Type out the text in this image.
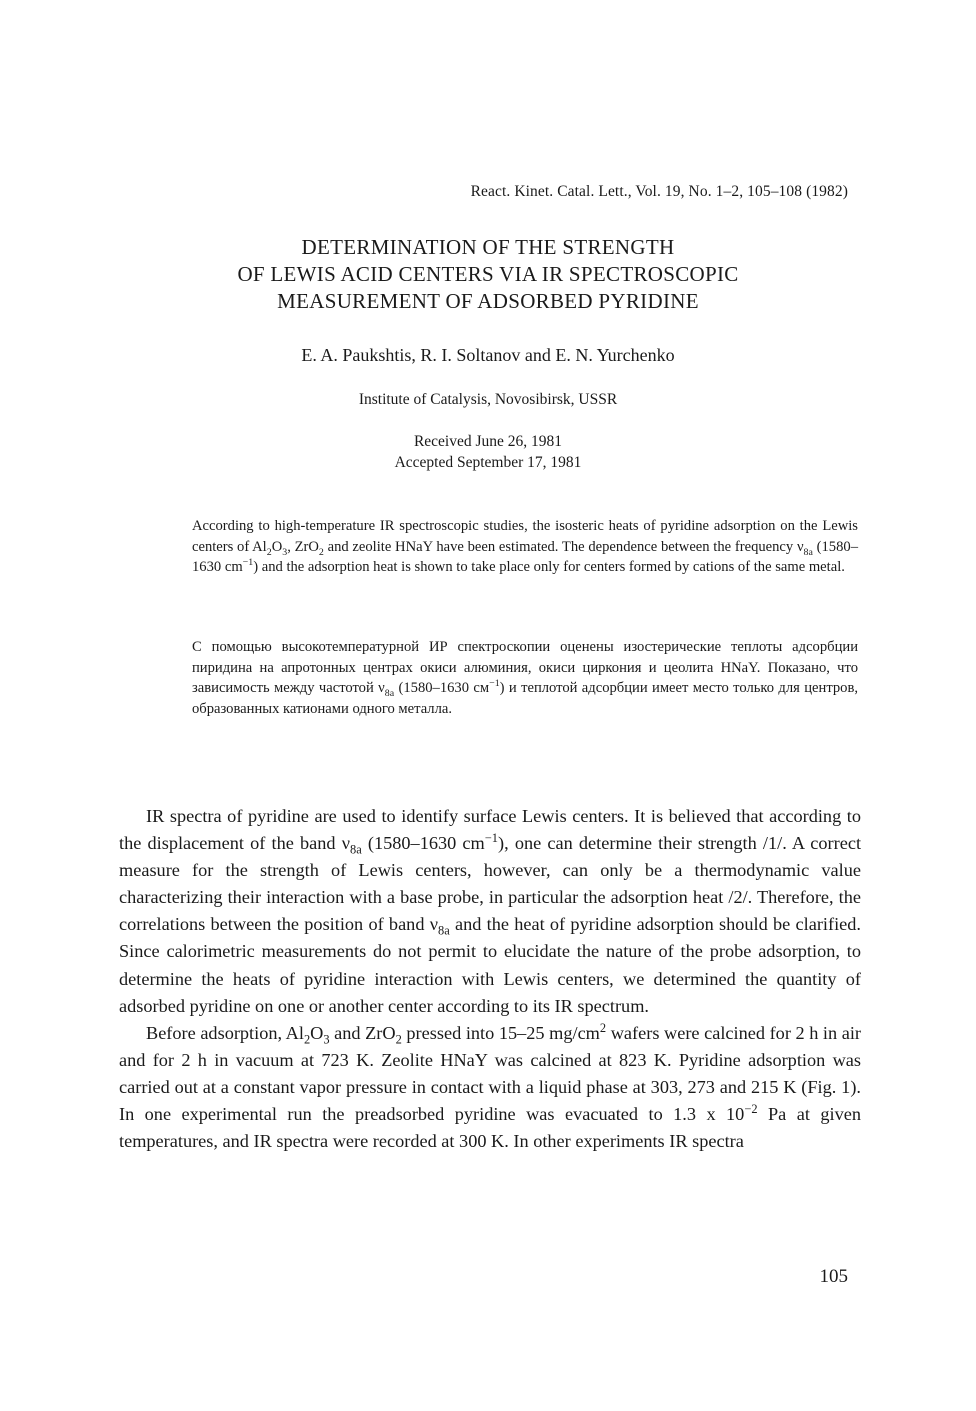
React. Kinet. Catal. Lett., Vol. 19, No. 1–2, 105–108 (1982)
DETERMINATION OF THE STRENGTH
OF LEWIS ACID CENTERS VIA IR SPECTROSCOPIC
MEASUREMENT OF ADSORBED PYRIDINE
E. A. Paukshtis, R. I. Soltanov and E. N. Yurchenko
Institute of Catalysis, Novosibirsk, USSR
Received June 26, 1981
Accepted September 17, 1981
According to high-temperature IR spectroscopic studies, the isosteric heats of pyridine adsorption on the Lewis centers of $Al_2O_3$, ZrO$_2$ and zeolite HNaY have been estimated. The dependence between the frequency $\nu_{8a}$ (1580–1630 $cm^{-1}$) and the adsorption heat is shown to take place only for centers formed by cations of the same metal.
С помощью высокотемпературной ИР спектроскопии оценены изостерические теплоты адсорбции пиридина на апротонных центрах окиси алюминия, окиси циркония и цеолита HNaY. Показано, что зависимость между частотой $\nu_{8a}$ (1580–1630 $см^{-1}$) и теплотой адсорбции имеет место только для центров, образованных катионами одного металла.

IR spectra of pyridine are used to identify surface Lewis centers. It is believed that according to the displacement of the band $\nu_{8a}$ (1580–1630 $cm^{-1}$), one can determine their strength /1/. A correct measure for the strength of Lewis centers, however, can only be a thermodynamic value characterizing their interaction with a base probe, in particular the adsorption heat /2/. Therefore, the correlations between the position of band $\nu_{8a}$ and the heat of pyridine adsorption should be clarified. Since calorimetric measurements do not permit to elucidate the nature of the probe adsorption, to determine the heats of pyridine interaction with Lewis centers, we determined the quantity of adsorbed pyridine on one or another center according to its IR spectrum.

Before adsorption, $Al_2O_3$ and ZrO$_2$ pressed into 15–25 $mg/cm^2$ wafers were calcined for 2 h in air and for 2 h in vacuum at 723 K. Zeolite HNaY was calcined at 823 K. Pyridine adsorption was carried out at a constant vapor pressure in contact with a liquid phase at 303, 273 and 215 K (Fig. 1). In one experimental run the preadsorbed pyridine was evacuated to 1.3 x $10^{-2}$ Pa at given temperatures, and IR spectra were recorded at 300 K. In other experiments IR spectra

105
